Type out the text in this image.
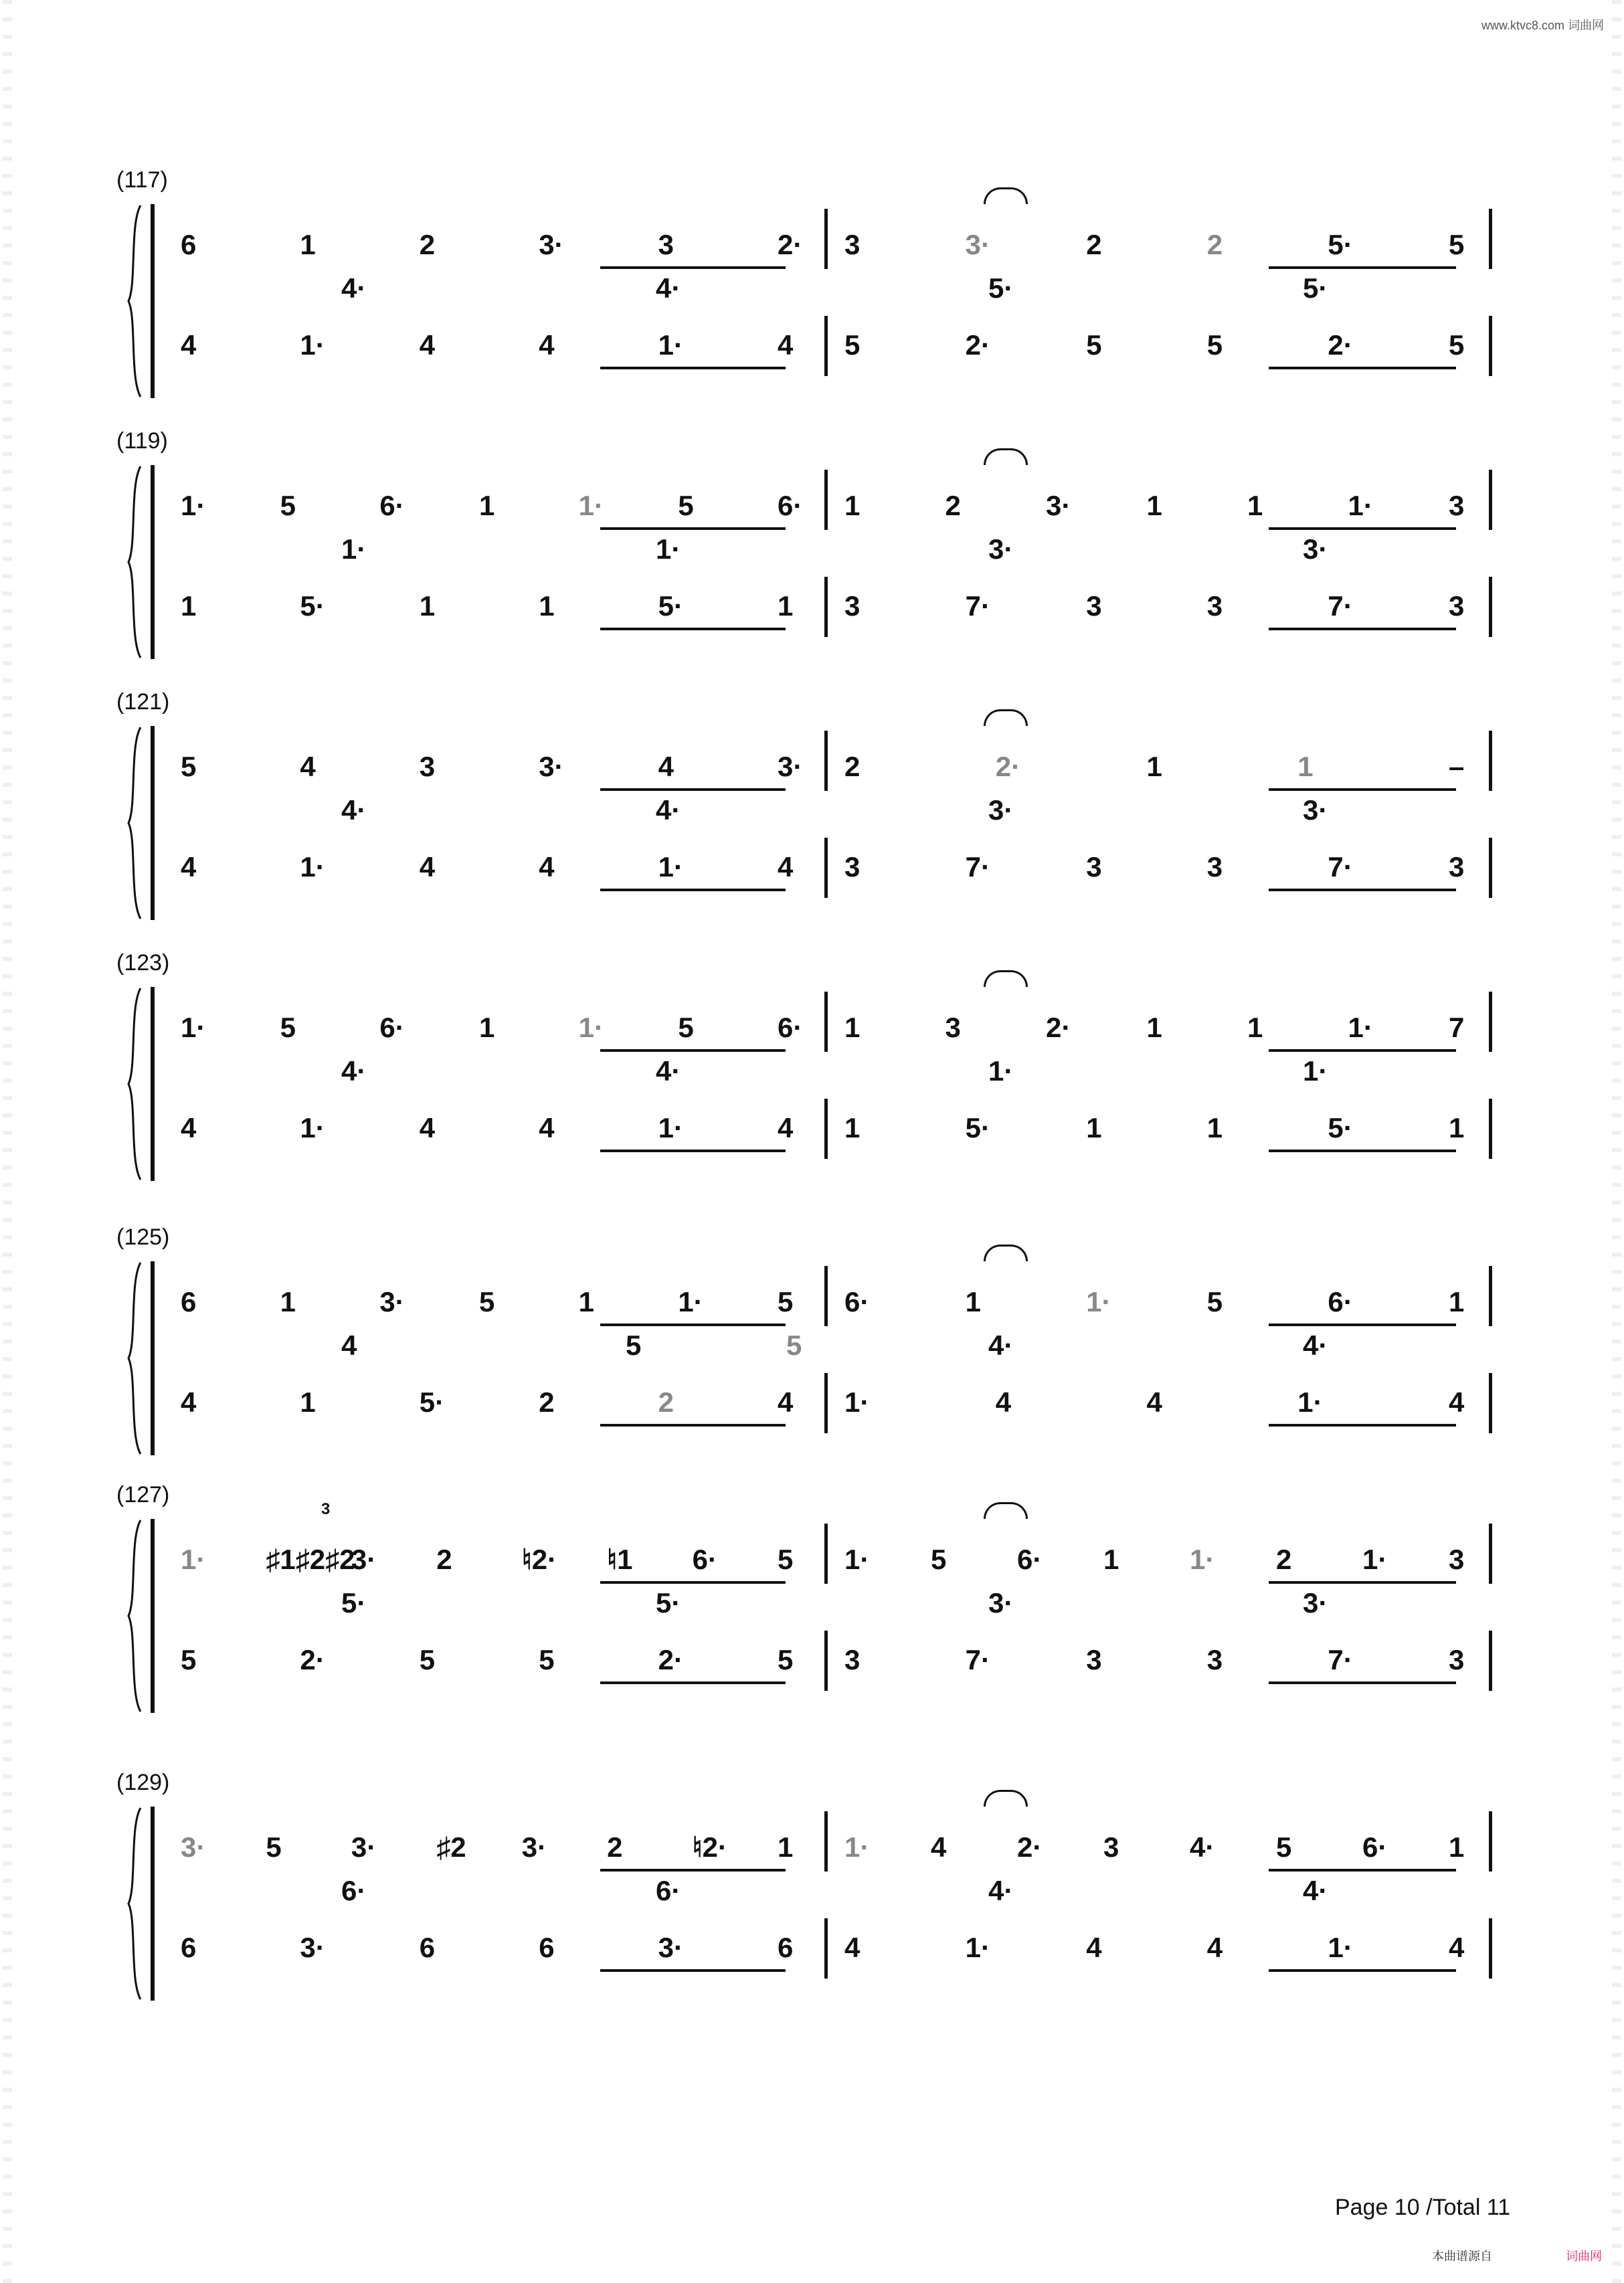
www.ktvc8.com 词曲网
(117)
6	1	2	3·	3	2· 3	3·	2	2	5·	5
4·	4·	5·	5·
4	1·	4	4	1·	4 5	2·	5	5	2·	5
(119)
1·	5	6·	1	1·	5	6· 1	2	3·	1	1	1·	3
1·	1·	3·	3·
1	5·	1	1	5·	1 3	7·	3	3	7·	3
(121)
5	4	3	3·	4	3· 2	2·	1	1	–
4·	4·	3·	3·
4	1·	4	4	1·	4 3	7·	3	3	7·	3
(123)
1·	5	6·	1	1·	5	6· 1	3	2·	1	1	1·	7
4·	4·	1·	1·
4	1·	4	4	1·	4 1	5·	1	1	5·	1
(125)
6	1	3·	5	1	1·	5 6·	1	1·	5	6·	1
4	5	5	4·	4·
4	1	5·	2	2	4 1·	4	4	1·	4
(127)
1· ♯1♯2♯2
3· 2 ♮2· ♮1 6· 5 1· 5	6· 1	1· 2	1· 3
5·	5·	3·	3·
5	2·	5	5	2·	5 3	7·	3	3	7·	3
3
(129)
3· 5 3· ♯2 3· 2 ♮2· 1 1· 4	2· 3	4· 5	6· 1
6·	6·	4·	4·
6	3·	6	6	3·	6 4	1·	4	4	1·	4
Page 10 /Total 11
本曲谱源自	词曲网
